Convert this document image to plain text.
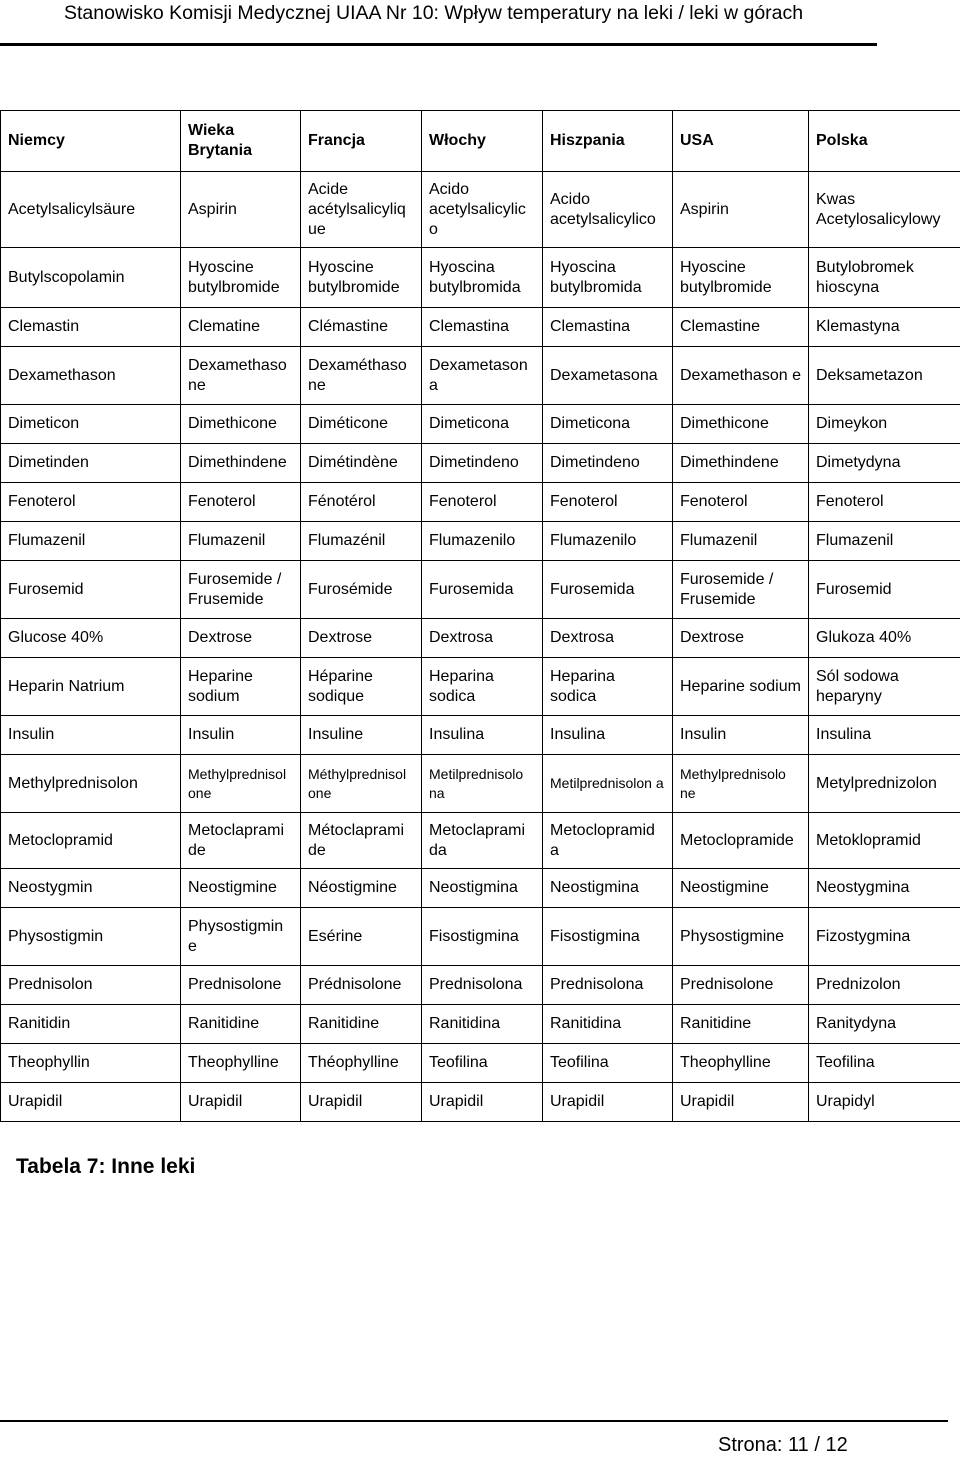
Stanowisko Komisji Medycznej UIAA Nr 10: Wpływ temperatury na leki / leki w górach
Niemcy	Wieka Brytania	Francja	Włochy	Hiszpania	USA	Polska
Acetylsalicylsäure	Aspirin	Acide acétylsalicyliq ue	Acido acetylsalicylic o	Acido acetylsalicylico	Aspirin	Kwas Acetylosalicylowy
Butylscopolamin	Hyoscine butylbromide	Hyoscine butylbromide	Hyoscina butylbromida	Hyoscina butylbromida	Hyoscine butylbromide	Butylobromek hioscyna
Clemastin	Clematine	Clémastine	Clemastina	Clemastina	Clemastine	Klemastyna
Dexamethason	Dexamethaso ne	Dexaméthaso ne	Dexametason a	Dexametasona	Dexamethason e	Deksametazon
Dimeticon	Dimethicone	Diméticone	Dimeticona	Dimeticona	Dimethicone	Dimeykon
Dimetinden	Dimethindene	Dimétindène	Dimetindeno	Dimetindeno	Dimethindene	Dimetydyna
Fenoterol	Fenoterol	Fénotérol	Fenoterol	Fenoterol	Fenoterol	Fenoterol
Flumazenil	Flumazenil	Flumazénil	Flumazenilo	Flumazenilo	Flumazenil	Flumazenil
Furosemid	Furosemide / Frusemide	Furosémide	Furosemida	Furosemida	Furosemide / Frusemide	Furosemid
Glucose 40%	Dextrose	Dextrose	Dextrosa	Dextrosa	Dextrose	Glukoza 40%
Heparin Natrium	Heparine sodium	Héparine sodique	Heparina sodica	Heparina sodica	Heparine sodium	Sól sodowa heparyny
Insulin	Insulin	Insuline	Insulina	Insulina	Insulin	Insulina
Methylprednisolon	Methylprednisol one	Méthylprednisol one	Metilprednisolo na	Metilprednisolon a	Methylprednisolo ne	Metylprednizolon
Metoclopramid	Metoclaprami de	Métoclaprami de	Metoclaprami da	Metoclopramid a	Metoclopramide	Metoklopramid
Neostygmin	Neostigmine	Néostigmine	Neostigmina	Neostigmina	Neostigmine	Neostygmina
Physostigmin	Physostigmin e	Esérine	Fisostigmina	Fisostigmina	Physostigmine	Fizostygmina
Prednisolon	Prednisolone	Prédnisolone	Prednisolona	Prednisolona	Prednisolone	Prednizolon
Ranitidin	Ranitidine	Ranitidine	Ranitidina	Ranitidina	Ranitidine	Ranitydyna
Theophyllin	Theophylline	Théophylline	Teofilina	Teofilina	Theophylline	Teofilina
Urapidil	Urapidil	Urapidil	Urapidil	Urapidil	Urapidil	Urapidyl
Tabela 7: Inne leki
Strona: 11 / 12
